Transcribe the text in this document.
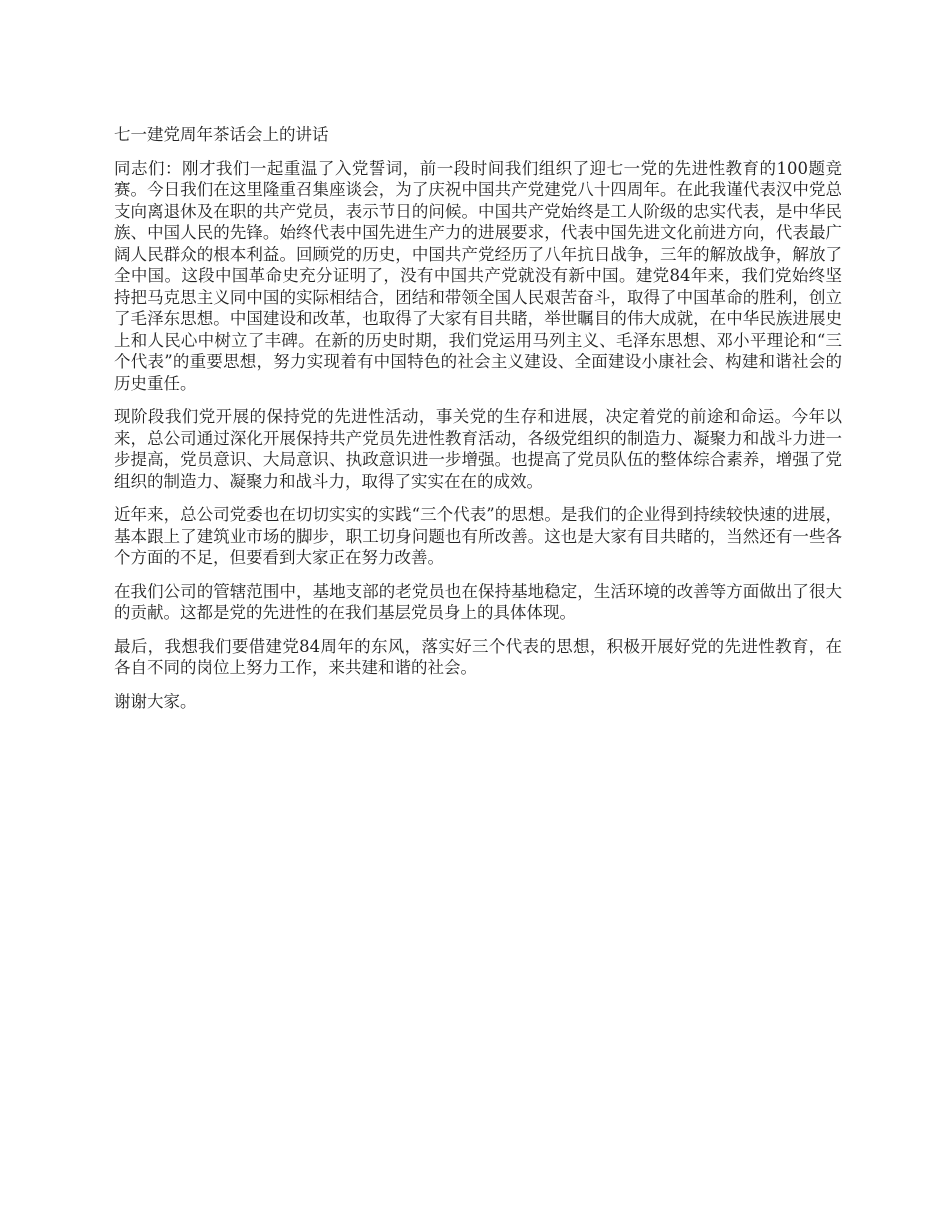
七一建党周年茶话会上的讲话

同志们：刚才我们一起重温了入党誓词，前一段时间我们组织了迎七一党的先进性教育的100题竞赛。今日我们在这里隆重召集座谈会，为了庆祝中国共产党建党八十四周年。在此我谨代表汉中党总支向离退休及在职的共产党员，表示节日的问候。中国共产党始终是工人阶级的忠实代表，是中华民族、中国人民的先锋。始终代表中国先进生产力的进展要求，代表中国先进文化前进方向，代表最广阔人民群众的根本利益。回顾党的历史，中国共产党经历了八年抗日战争，三年的解放战争，解放了全中国。这段中国革命史充分证明了，没有中国共产党就没有新中国。建党84年来，我们党始终坚持把马克思主义同中国的实际相结合，团结和带领全国人民艰苦奋斗，取得了中国革命的胜利，创立了毛泽东思想。中国建设和改革，也取得了大家有目共睹，举世瞩目的伟大成就，在中华民族进展史上和人民心中树立了丰碑。在新的历史时期，我们党运用马列主义、毛泽东思想、邓小平理论和“三个代表”的重要思想，努力实现着有中国特色的社会主义建设、全面建设小康社会、构建和谐社会的历史重任。

现阶段我们党开展的保持党的先进性活动，事关党的生存和进展，决定着党的前途和命运。今年以来，总公司通过深化开展保持共产党员先进性教育活动，各级党组织的制造力、凝聚力和战斗力进一步提高，党员意识、大局意识、执政意识进一步增强。也提高了党员队伍的整体综合素养，增强了党组织的制造力、凝聚力和战斗力，取得了实实在在的成效。

近年来，总公司党委也在切切实实的实践“三个代表”的思想。是我们的企业得到持续较快速的进展，基本跟上了建筑业市场的脚步，职工切身问题也有所改善。这也是大家有目共睹的，当然还有一些各个方面的不足，但要看到大家正在努力改善。

在我们公司的管辖范围中，基地支部的老党员也在保持基地稳定，生活环境的改善等方面做出了很大的贡献。这都是党的先进性的在我们基层党员身上的具体体现。

最后，我想我们要借建党84周年的东风，落实好三个代表的思想，积极开展好党的先进性教育，在各自不同的岗位上努力工作，来共建和谐的社会。

谢谢大家。
